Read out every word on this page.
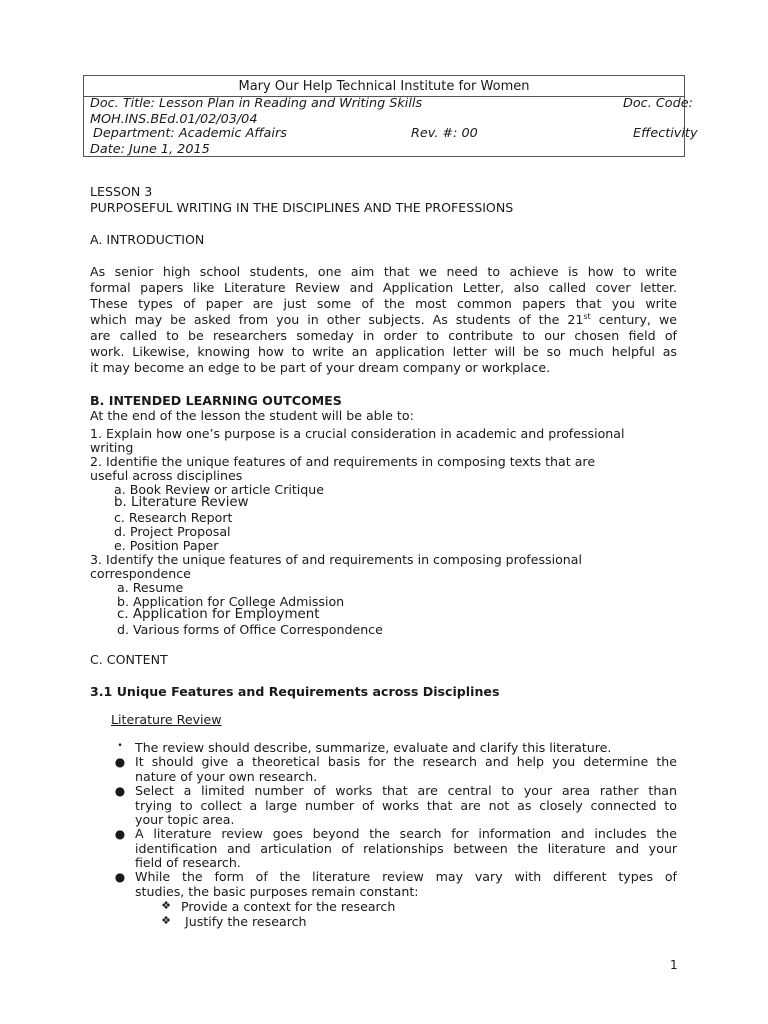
Mary Our Help Technical Institute for Women
Doc. Title: Lesson Plan in Reading and Writing Skills	Doc. Code:
MOH.INS.BEd.01/02/03/04
Department: Academic Affairs	Rev. #: 00	Effectivity
Date: June 1, 2015
LESSON 3
PURPOSEFUL WRITING IN THE DISCIPLINES AND THE PROFESSIONS
A. INTRODUCTION
As senior high school students, one aim that we need to achieve is how to write
formal papers like Literature Review and Application Letter, also called cover letter.
These types of paper are just some of the most common papers that you write
which may be asked from you in other subjects. As students of the 21st century, we
are called to be researchers someday in order to contribute to our chosen field of
work. Likewise, knowing how to write an application letter will be so much helpful as
it may become an edge to be part of your dream company or workplace.
B. INTENDED LEARNING OUTCOMES
At the end of the lesson the student will be able to:
1. Explain how one’s purpose is a crucial consideration in academic and professional
writing
2. Identifie the unique features of and requirements in composing texts that are
useful across disciplines
a. Book Review or article Critique
b. Literature Review
c. Research Report
d. Project Proposal
e. Position Paper
3. Identify the unique features of and requirements in composing professional
correspondence
a. Resume
b. Application for College Admission
c. Application for Employment
d. Various forms of Office Correspondence
C. CONTENT
3.1 Unique Features and Requirements across Disciplines
Literature Review
• The review should describe, summarize, evaluate and clarify this literature.
● It should give a theoretical basis for the research and help you determine the
nature of your own research.
● Select a limited number of works that are central to your area rather than
trying to collect a large number of works that are not as closely connected to
your topic area.
● A literature review goes beyond the search for information and includes the
identification and articulation of relationships between the literature and your
field of research.
● While the form of the literature review may vary with different types of
studies, the basic purposes remain constant:
❖ Provide a context for the research
❖ Justify the research
1
